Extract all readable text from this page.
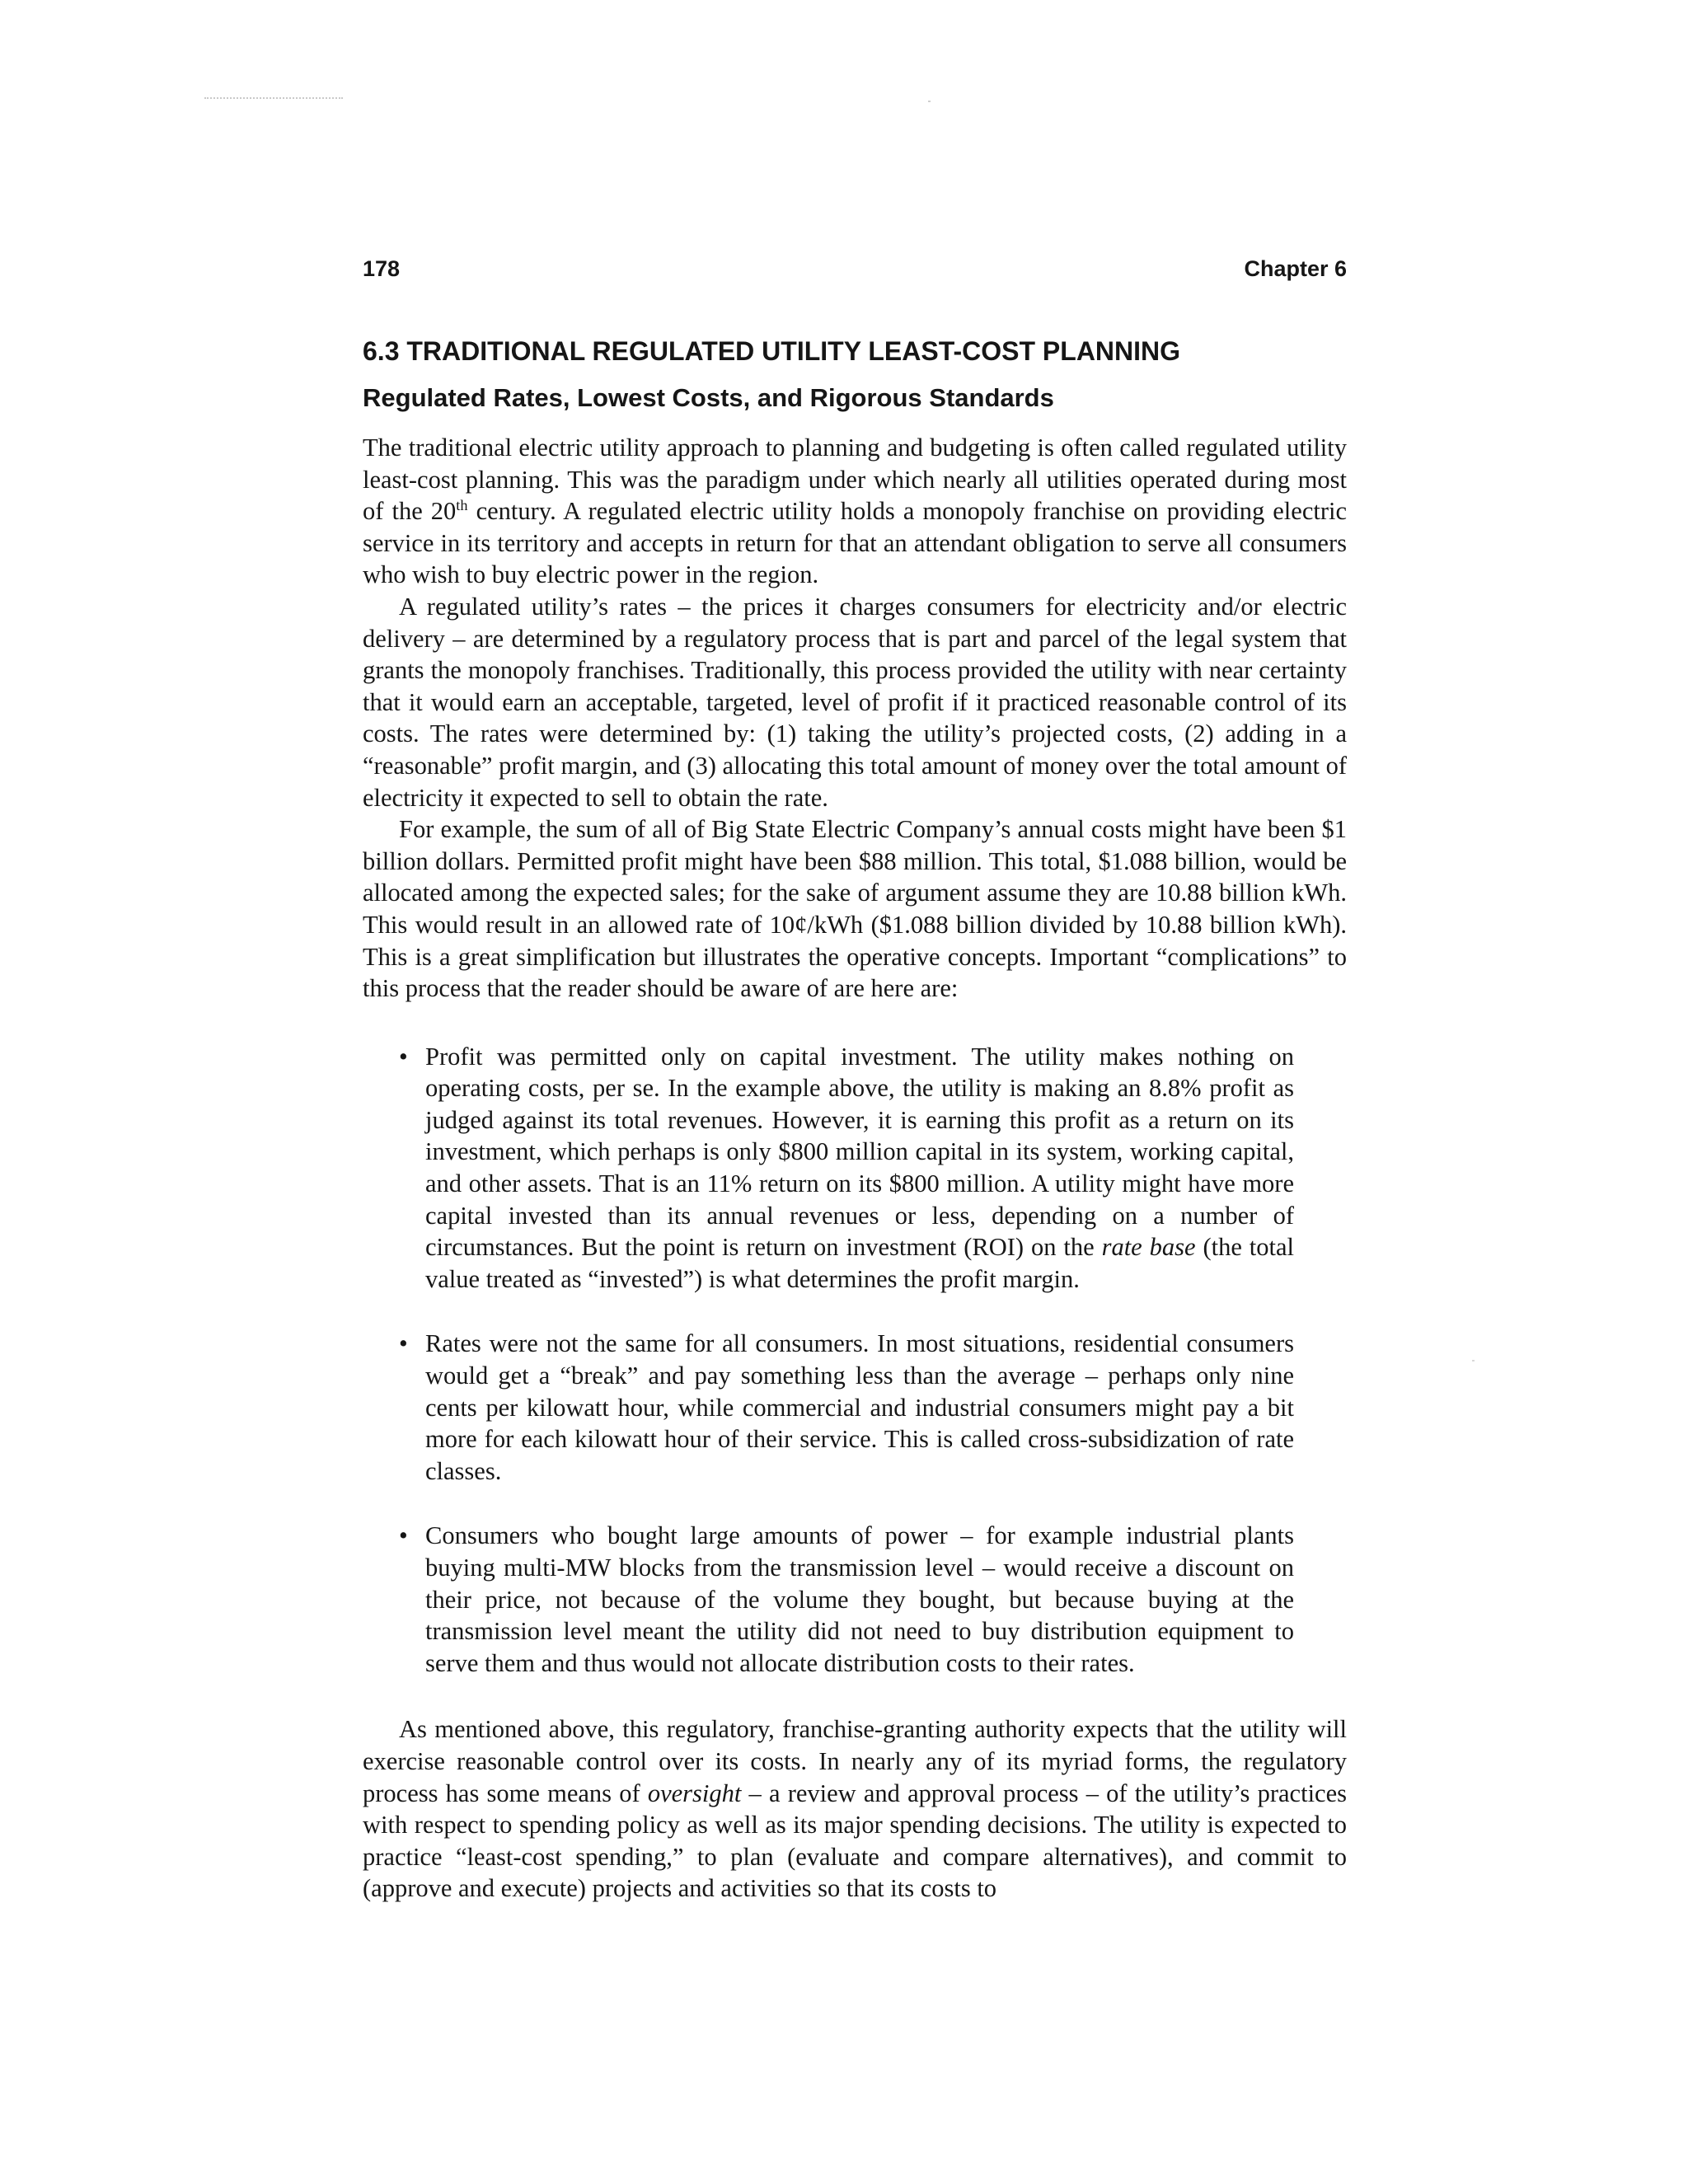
178	Chapter 6
6.3 TRADITIONAL REGULATED UTILITY LEAST-COST PLANNING
Regulated Rates, Lowest Costs, and Rigorous Standards

The traditional electric utility approach to planning and budgeting is often called regulated utility least-cost planning. This was the paradigm under which nearly all utilities operated during most of the 20th century. A regulated electric utility holds a monopoly franchise on providing electric service in its territory and accepts in return for that an attendant obligation to serve all consumers who wish to buy electric power in the region.

A regulated utility’s rates – the prices it charges consumers for electricity and/or electric delivery – are determined by a regulatory process that is part and parcel of the legal system that grants the monopoly franchises. Traditionally, this process provided the utility with near certainty that it would earn an acceptable, targeted, level of profit if it practiced reasonable control of its costs. The rates were determined by: (1) taking the utility’s projected costs, (2) adding in a “reasonable” profit margin, and (3) allocating this total amount of money over the total amount of electricity it expected to sell to obtain the rate.

For example, the sum of all of Big State Electric Company’s annual costs might have been $1 billion dollars. Permitted profit might have been $88 million. This total, $1.088 billion, would be allocated among the expected sales; for the sake of argument assume they are 10.88 billion kWh. This would result in an allowed rate of 10¢/kWh ($1.088 billion divided by 10.88 billion kWh). This is a great simplification but illustrates the operative concepts. Important “complications” to this process that the reader should be aware of are here are:

• Profit was permitted only on capital investment. The utility makes nothing on operating costs, per se. In the example above, the utility is making an 8.8% profit as judged against its total revenues. However, it is earning this profit as a return on its investment, which perhaps is only $800 million capital in its system, working capital, and other assets. That is an 11% return on its $800 million. A utility might have more capital invested than its annual revenues or less, depending on a number of circumstances. But the point is return on investment (ROI) on the rate base (the total value treated as “invested”) is what determines the profit margin.
• Rates were not the same for all consumers. In most situations, residential consumers would get a “break” and pay something less than the average – perhaps only nine cents per kilowatt hour, while commercial and industrial consumers might pay a bit more for each kilowatt hour of their service. This is called cross-subsidization of rate classes.
• Consumers who bought large amounts of power – for example industrial plants buying multi-MW blocks from the transmission level – would receive a discount on their price, not because of the volume they bought, but because buying at the transmission level meant the utility did not need to buy distribution equipment to serve them and thus would not allocate distribution costs to their rates.

As mentioned above, this regulatory, franchise-granting authority expects that the utility will exercise reasonable control over its costs. In nearly any of its myriad forms, the regulatory process has some means of oversight – a review and approval process – of the utility’s practices with respect to spending policy as well as its major spending decisions. The utility is expected to practice “least-cost spending,” to plan (evaluate and compare alternatives), and commit to (approve and execute) projects and activities so that its costs to
